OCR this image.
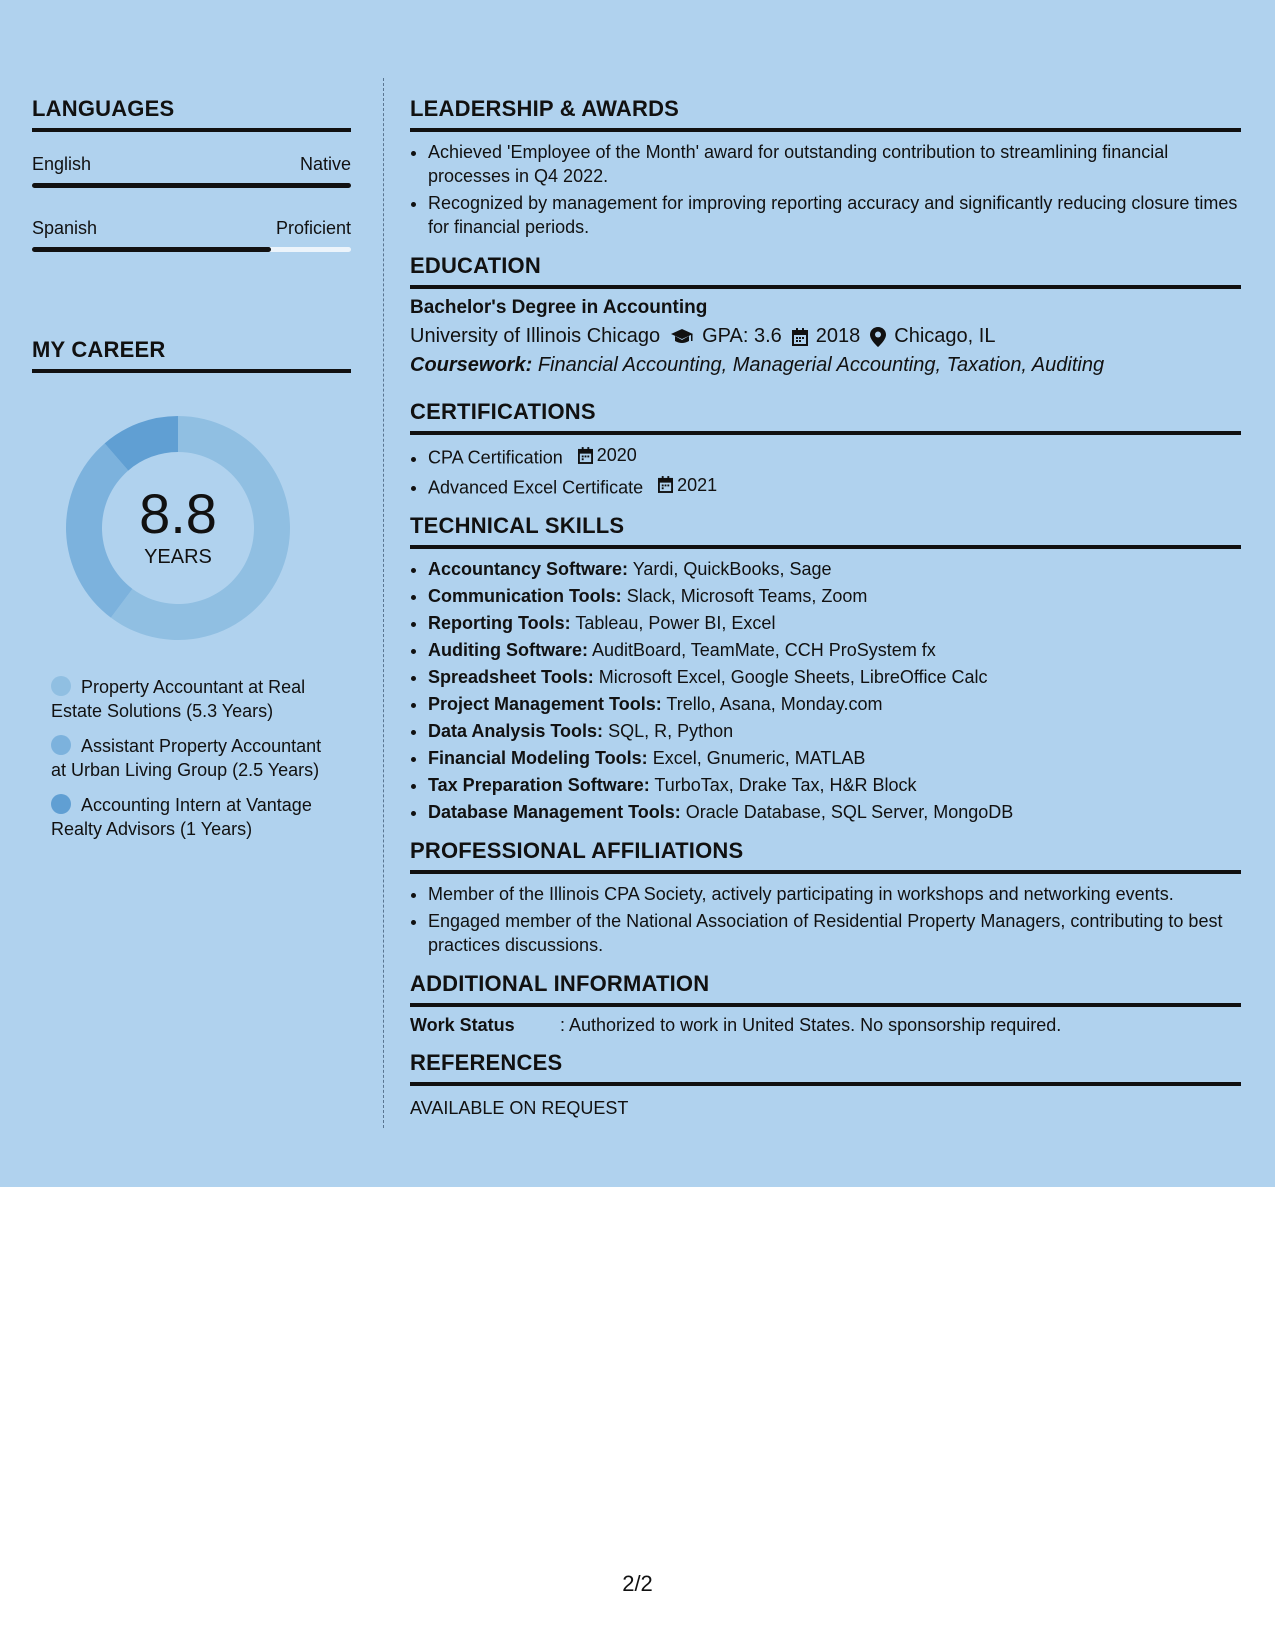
LANGUAGES
English	Native
Spanish	Proficient
MY CAREER
8.8
YEARS
Property Accountant at Real Estate Solutions (5.3 Years)
Assistant Property Accountant at Urban Living Group (2.5 Years)
Accounting Intern at Vantage Realty Advisors (1 Years)
LEADERSHIP & AWARDS
• Achieved 'Employee of the Month' award for outstanding contribution to streamlining financial processes in Q4 2022.
• Recognized by management for improving reporting accuracy and significantly reducing closure times for financial periods.
EDUCATION
Bachelor's Degree in Accounting
University of Illinois Chicago GPA: 3.6 2018 Chicago, IL
Coursework: Financial Accounting, Managerial Accounting, Taxation, Auditing
CERTIFICATIONS
• CPA Certification 2020
• Advanced Excel Certificate 2021
TECHNICAL SKILLS
• Accountancy Software: Yardi, QuickBooks, Sage
• Communication Tools: Slack, Microsoft Teams, Zoom
• Reporting Tools: Tableau, Power BI, Excel
• Auditing Software: AuditBoard, TeamMate, CCH ProSystem fx
• Spreadsheet Tools: Microsoft Excel, Google Sheets, LibreOffice Calc
• Project Management Tools: Trello, Asana, Monday.com
• Data Analysis Tools: SQL, R, Python
• Financial Modeling Tools: Excel, Gnumeric, MATLAB
• Tax Preparation Software: TurboTax, Drake Tax, H&R Block
• Database Management Tools: Oracle Database, SQL Server, MongoDB
PROFESSIONAL AFFILIATIONS
• Member of the Illinois CPA Society, actively participating in workshops and networking events.
• Engaged member of the National Association of Residential Property Managers, contributing to best practices discussions.
ADDITIONAL INFORMATION
Work Status	: Authorized to work in United States. No sponsorship required.
REFERENCES
AVAILABLE ON REQUEST
2/2
